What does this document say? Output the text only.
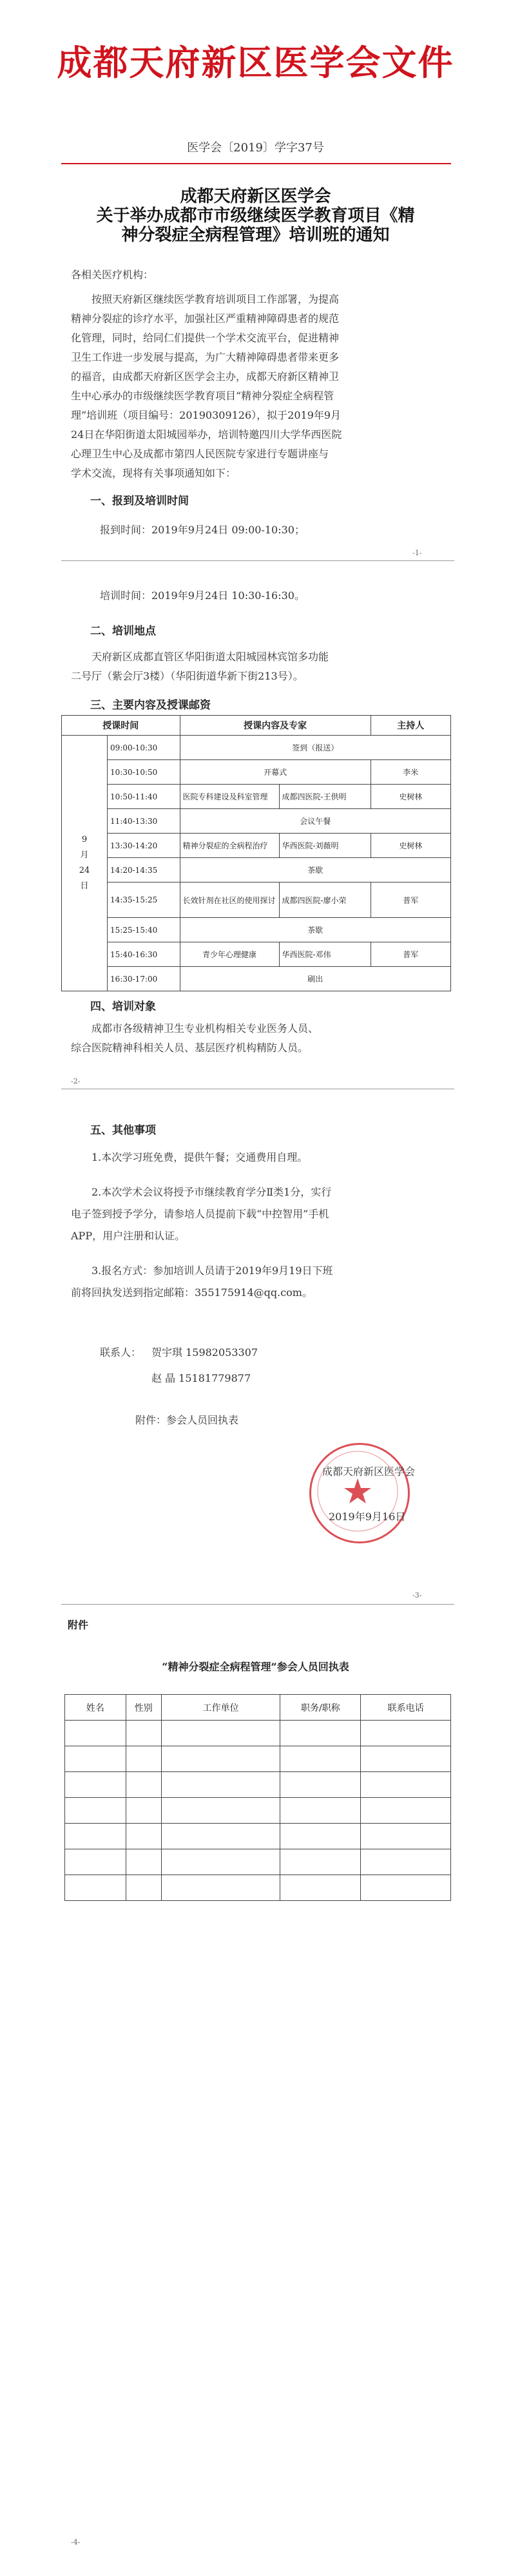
成都天府新区医学会文件
医学会〔2019〕学字37号
成都天府新区医学会
关于举办成都市市级继续医学教育项目《精
神分裂症全病程管理》培训班的通知
各相关医疗机构：
按照天府新区继续医学教育培训项目工作部署，为提高
精神分裂症的诊疗水平，加强社区严重精神障碍患者的规范
化管理，同时，给同仁们提供一个学术交流平台，促进精神
卫生工作进一步发展与提高，为广大精神障碍患者带来更多
的福音，由成都天府新区医学会主办，成都天府新区精神卫
生中心承办的市级继续医学教育项目“精神分裂症全病程管
理”培训班（项目编号：20190309126），拟于2019年9月
24日在华阳街道太阳城园举办，培训特邀四川大学华西医院
心理卫生中心及成都市第四人民医院专家进行专题讲座与
学术交流，现将有关事项通知如下：
一、报到及培训时间
报到时间：2019年9月24日 09:00-10:30；
-1-
培训时间：2019年9月24日 10:30-16:30。
二、培训地点
天府新区成都直管区华阳街道太阳城园林宾馆多功能
二号厅（紫会厅3楼）（华阳街道华新下街213号）。
三、主要内容及授课邮资
授课时间		授课内容及专家		主持人

9
月
24
日	09:00-10:30	签到（报送）		
	10:30-10:50	开幕式		李米
	10:50-11:40	医院专科建设及科室管理	成都四医院-王供明	史树林
	11:40-13:30	会议午餐		
	13:30-14:20	精神分裂症的全病程治疗	华西医院-刘薇明	史树林
	14:20-14:35	茶歇		
	14:35-15:25	长效针剂在社区的使用探讨	成都四医院-廖小荣	普军
	15:25-15:40	茶歇		
	15:40-16:30	青少年心理健康	华西医院-邓伟	普军
	16:30-17:00	刷出		
四、培训对象
成都市各级精神卫生专业机构相关专业医务人员、
综合医院精神科相关人员、基层医疗机构精防人员。
-2-
五、其他事项
1.本次学习班免费，提供午餐；交通费用自理。
2.本次学术会议将授予市继续教育学分Ⅱ类1分，实行
电子签到授予学分，请参培人员提前下载“中控智用”手机
APP，用户注册和认证。
3.报名方式：参加培训人员请于2019年9月19日下班
前将回执发送到指定邮箱：355175914@qq.com。
联系人： 贺宇琪 15982053307
赵 晶 15181779877
附件：参会人员回执表
成都天府新区医学会
2019年9月16日
-3-
附件
“精神分裂症全病程管理”参会人员回执表
姓名	性别	工作单位	职务/职称	联系电话

-4-
